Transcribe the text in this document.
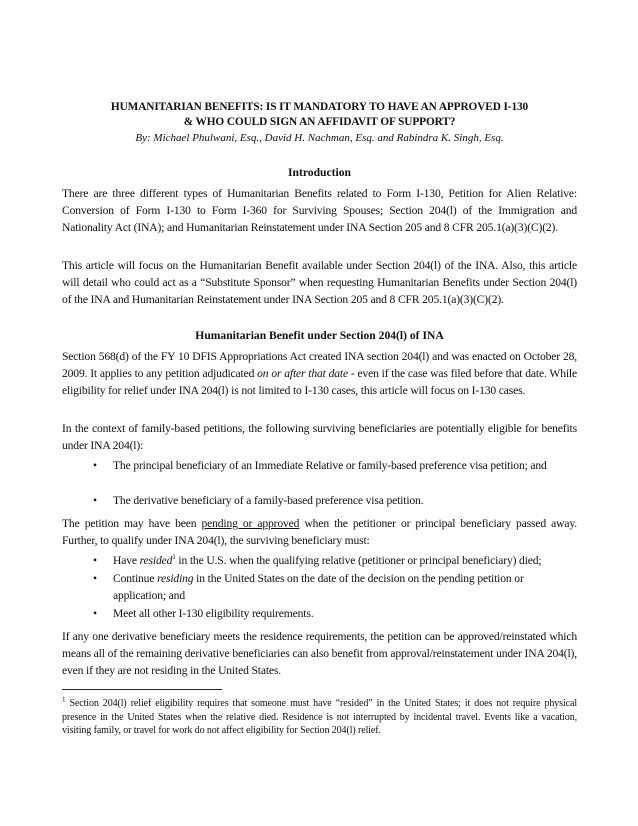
HUMANITARIAN BENEFITS: IS IT MANDATORY TO HAVE AN APPROVED I-130
& WHO COULD SIGN AN AFFIDAVIT OF SUPPORT?
By: Michael Phulwani, Esq., David H. Nachman, Esq. and Rabindra K. Singh, Esq.
Introduction
There are three different types of Humanitarian Benefits related to Form I-130, Petition for Alien Relative: Conversion of Form I-130 to Form I-360 for Surviving Spouses; Section 204(l) of the Immigration and Nationality Act (INA); and Humanitarian Reinstatement under INA Section 205 and 8 CFR 205.1(a)(3)(C)(2).
This article will focus on the Humanitarian Benefit available under Section 204(l) of the INA. Also, this article will detail who could act as a “Substitute Sponsor” when requesting Humanitarian Benefits under Section 204(l) of the INA and Humanitarian Reinstatement under INA Section 205 and 8 CFR 205.1(a)(3)(C)(2).
Humanitarian Benefit under Section 204(l) of INA
Section 568(d) of the FY 10 DFIS Appropriations Act created INA section 204(l) and was enacted on October 28, 2009. It applies to any petition adjudicated on or after that date - even if the case was filed before that date. While eligibility for relief under INA 204(l) is not limited to I-130 cases, this article will focus on I-130 cases.
In the context of family-based petitions, the following surviving beneficiaries are potentially eligible for benefits under INA 204(l):
• The principal beneficiary of an Immediate Relative or family-based preference visa petition; and
• The derivative beneficiary of a family-based preference visa petition.
The petition may have been pending or approved when the petitioner or principal beneficiary passed away. Further, to qualify under INA 204(l), the surviving beneficiary must:
• Have resided$^1$ in the U.S. when the qualifying relative (petitioner or principal beneficiary) died;
• Continue residing in the United States on the date of the decision on the pending petition or application; and
• Meet all other I-130 eligibility requirements.
If any one derivative beneficiary meets the residence requirements, the petition can be approved/reinstated which means all of the remaining derivative beneficiaries can also benefit from approval/reinstatement under INA 204(l), even if they are not residing in the United States.
$^1$ Section 204(l) relief eligibility requires that someone must have “resided” in the United States; it does not require physical presence in the United States when the relative died. Residence is not interrupted by incidental travel. Events like a vacation, visiting family, or travel for work do not affect eligibility for Section 204(l) relief.
